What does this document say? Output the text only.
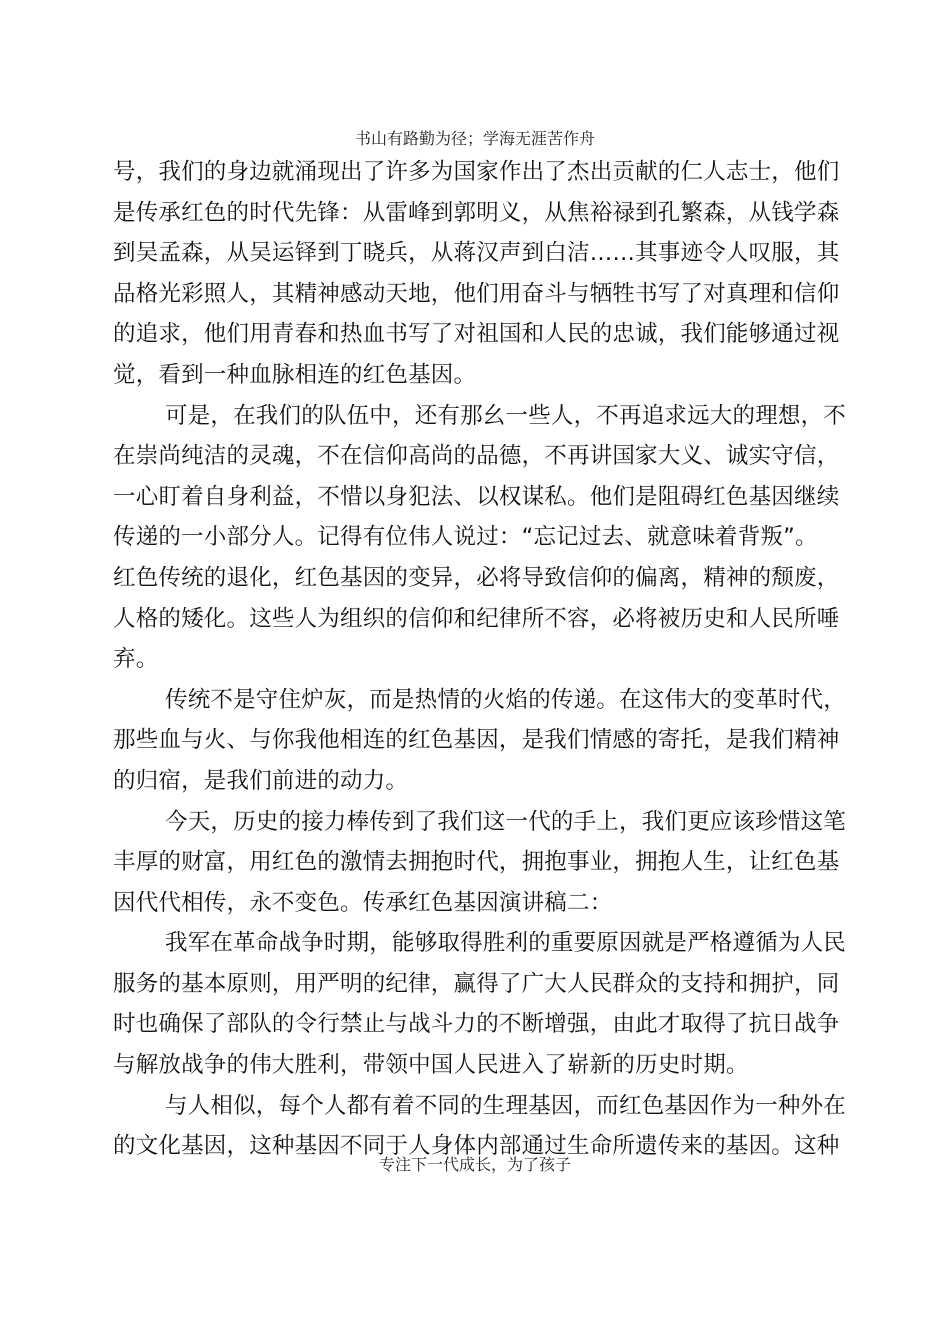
书山有路勤为径；学海无涯苦作舟
号，我们的身边就涌现出了许多为国家作出了杰出贡献的仁人志士，他们
是传承红色的时代先锋：从雷峰到郭明义，从焦裕禄到孔繁森，从钱学森
到吴孟森，从吴运铎到丁晓兵，从蒋汉声到白洁……其事迹令人叹服，其
品格光彩照人，其精神感动天地，他们用奋斗与牺牲书写了对真理和信仰
的追求，他们用青春和热血书写了对祖国和人民的忠诚，我们能够通过视
觉，看到一种血脉相连的红色基因。
可是，在我们的队伍中，还有那幺一些人，不再追求远大的理想，不
在崇尚纯洁的灵魂，不在信仰高尚的品德，不再讲国家大义、诚实守信，
一心盯着自身利益，不惜以身犯法、以权谋私。他们是阻碍红色基因继续
传递的一小部分人。记得有位伟人说过：“忘记过去、就意味着背叛”。
红色传统的退化，红色基因的变异，必将导致信仰的偏离，精神的颓废，
人格的矮化。这些人为组织的信仰和纪律所不容，必将被历史和人民所唾
弃。
传统不是守住炉灰，而是热情的火焰的传递。在这伟大的变革时代，
那些血与火、与你我他相连的红色基因，是我们情感的寄托，是我们精神
的归宿，是我们前进的动力。
今天，历史的接力棒传到了我们这一代的手上，我们更应该珍惜这笔
丰厚的财富，用红色的激情去拥抱时代，拥抱事业，拥抱人生，让红色基
因代代相传，永不变色。传承红色基因演讲稿二：
我军在革命战争时期，能够取得胜利的重要原因就是严格遵循为人民
服务的基本原则，用严明的纪律，赢得了广大人民群众的支持和拥护，同
时也确保了部队的令行禁止与战斗力的不断增强，由此才取得了抗日战争
与解放战争的伟大胜利，带领中国人民进入了崭新的历史时期。
与人相似，每个人都有着不同的生理基因，而红色基因作为一种外在
的文化基因，这种基因不同于人身体内部通过生命所遗传来的基因。这种
专注下一代成长，为了孩子
